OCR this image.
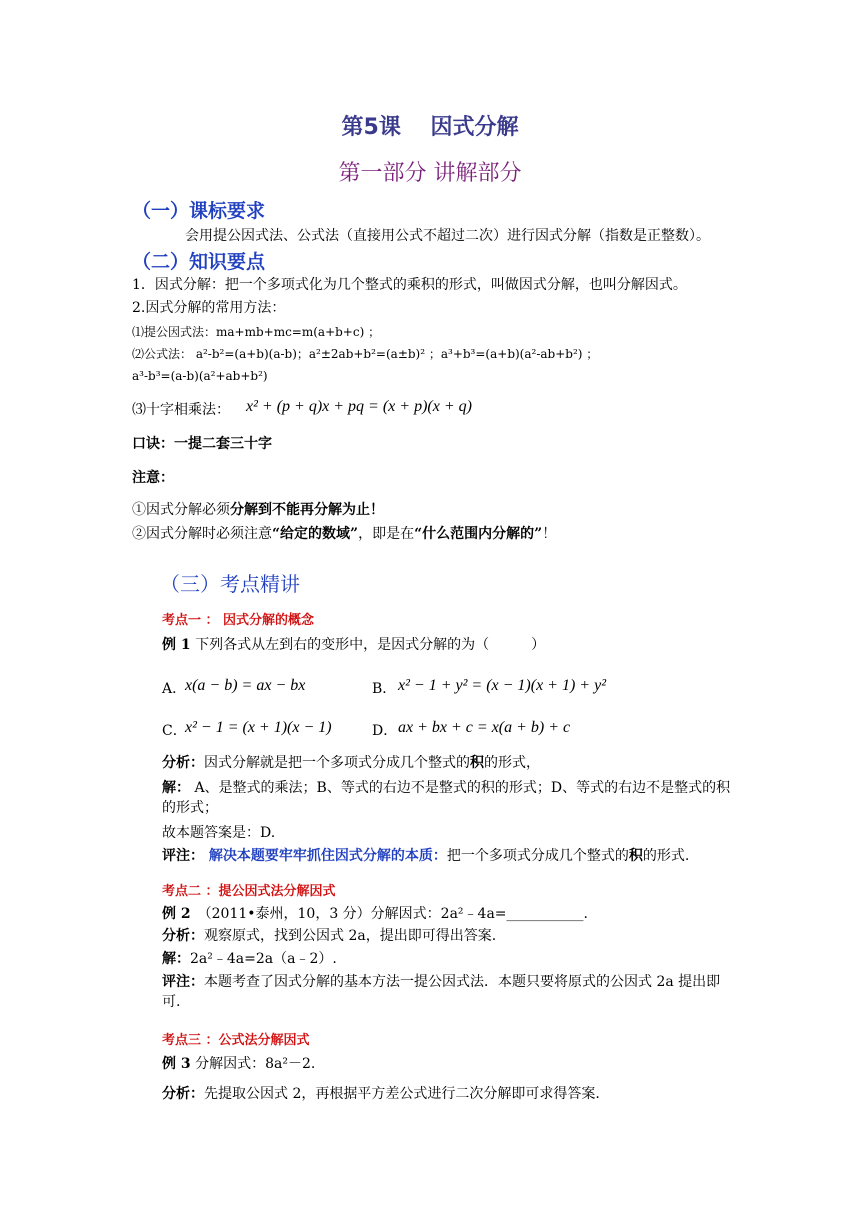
第5课　 因式分解
第一部分 讲解部分
（一）课标要求
会用提公因式法、公式法（直接用公式不超过二次）进行因式分解（指数是正整数）。
（二）知识要点
1．因式分解：把一个多项式化为几个整式的乘积的形式，叫做因式分解，也叫分解因式。
2.因式分解的常用方法：
⑴提公因式法：ma+mb+mc=m(a+b+c) ；
⑵公式法： a²-b²=(a+b)(a-b)；a²±2ab+b²=(a±b)² ；a³+b³=(a+b)(a²-ab+b²) ；
a³-b³=(a-b)(a²+ab+b²)
⑶十字相乘法： x² + (p + q)x + pq = (x + p)(x + q)
口诀：一提二套三十字
注意：
①因式分解必须分解到不能再分解为止！
②因式分解时必须注意“给定的数域”，即是在“什么范围内分解的”！
（三）考点精讲
考点一 ： 因式分解的概念
例 1 下列各式从左到右的变形中，是因式分解的为（　　　）
A．
x(a − b) = ax − bx	B． x² − 1 + y² = (x − 1)(x + 1) + y²
C．
x² − 1 = (x + 1)(x − 1)	D． ax + bx + c = x(a + b) + c
分析：因式分解就是把一个多项式分成几个整式的积的形式，
解： A、是整式的乘法；B、等式的右边不是整式的积的形式；D、等式的右边不是整式的积的形式；
故本题答案是：D.
评注： 解决本题要牢牢抓住因式分解的本质：把一个多项式分成几个整式的积的形式.
考点二 ：提公因式法分解因式
例 2　（2011•泰州，10，3 分）分解因式：2a²﹣4a=___________.
分析：观察原式，找到公因式 2a，提出即可得出答案.
解：2a²﹣4a=2a（a﹣2）.
评注：本题考查了因式分解的基本方法一提公因式法．本题只要将原式的公因式 2a 提出即可.
考点三 ：公式法分解因式
例 3 分解因式：8a²－2.
分析：先提取公因式 2，再根据平方差公式进行二次分解即可求得答案.
